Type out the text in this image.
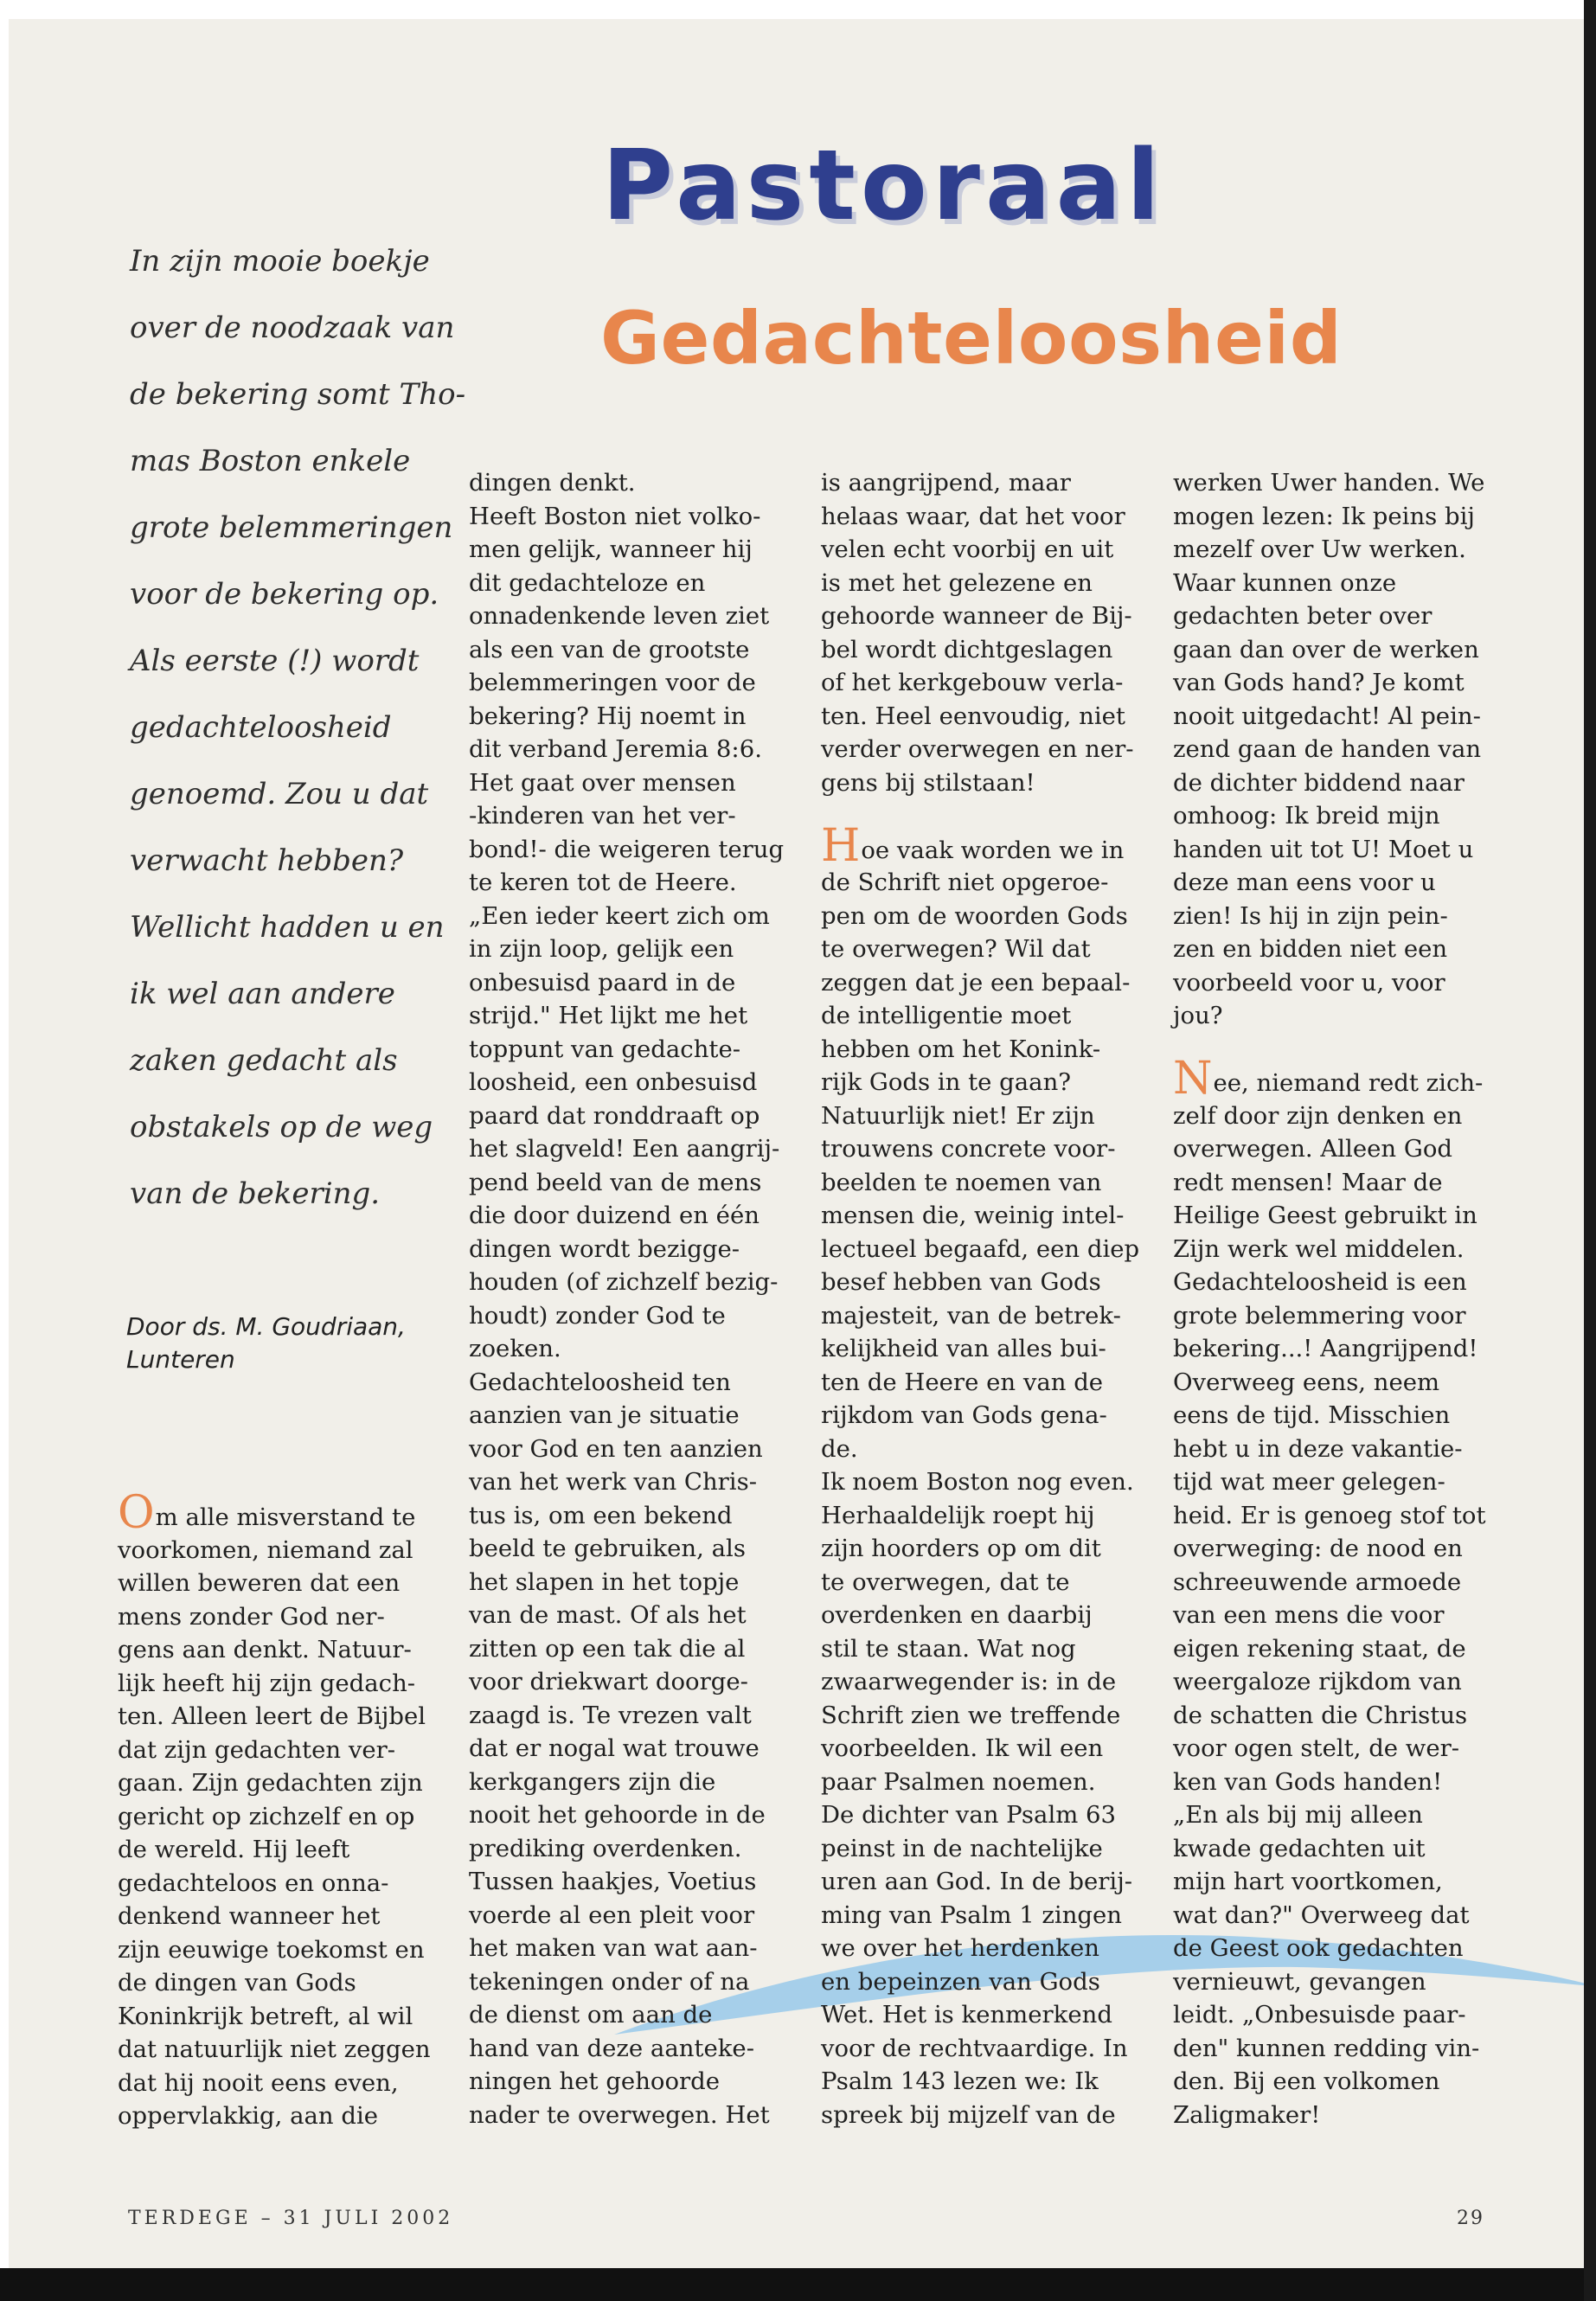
Pastoraal
Gedachteloosheid
In zijn mooie boekje
over de noodzaak van
de bekering somt Tho-
mas Boston enkele
grote belemmeringen
voor de bekering op.
Als eerste (!) wordt
gedachteloosheid
genoemd. Zou u dat
verwacht hebben?
Wellicht hadden u en
ik wel aan andere
zaken gedacht als
obstakels op de weg
van de bekering.
Door ds. M. Goudriaan,
Lunteren
Om alle misverstand te
voorkomen, niemand zal
willen beweren dat een
mens zonder God ner-
gens aan denkt. Natuur-
lijk heeft hij zijn gedach-
ten. Alleen leert de Bijbel
dat zijn gedachten ver-
gaan. Zijn gedachten zijn
gericht op zichzelf en op
de wereld. Hij leeft
gedachteloos en onna-
denkend wanneer het
zijn eeuwige toekomst en
de dingen van Gods
Koninkrijk betreft, al wil
dat natuurlijk niet zeggen
dat hij nooit eens even,
oppervlakkig, aan die
dingen denkt.
Heeft Boston niet volko-
men gelijk, wanneer hij
dit gedachteloze en
onnadenkende leven ziet
als een van de grootste
belemmeringen voor de
bekering? Hij noemt in
dit verband Jeremia 8:6.
Het gaat over mensen
-kinderen van het ver-
bond!- die weigeren terug
te keren tot de Heere.
„Een ieder keert zich om
in zijn loop, gelijk een
onbesuisd paard in de
strijd." Het lijkt me het
toppunt van gedachte-
loosheid, een onbesuisd
paard dat ronddraaft op
het slagveld! Een aangrij-
pend beeld van de mens
die door duizend en één
dingen wordt bezigge-
houden (of zichzelf bezig-
houdt) zonder God te
zoeken.
Gedachteloosheid ten
aanzien van je situatie
voor God en ten aanzien
van het werk van Chris-
tus is, om een bekend
beeld te gebruiken, als
het slapen in het topje
van de mast. Of als het
zitten op een tak die al
voor driekwart doorge-
zaagd is. Te vrezen valt
dat er nogal wat trouwe
kerkgangers zijn die
nooit het gehoorde in de
prediking overdenken.
Tussen haakjes, Voetius
voerde al een pleit voor
het maken van wat aan-
tekeningen onder of na
de dienst om aan de
hand van deze aanteke-
ningen het gehoorde
nader te overwegen. Het
is aangrijpend, maar
helaas waar, dat het voor
velen echt voorbij en uit
is met het gelezene en
gehoorde wanneer de Bij-
bel wordt dichtgeslagen
of het kerkgebouw verla-
ten. Heel eenvoudig, niet
verder overwegen en ner-
gens bij stilstaan!
Hoe vaak worden we in
de Schrift niet opgeroe-
pen om de woorden Gods
te overwegen? Wil dat
zeggen dat je een bepaal-
de intelligentie moet
hebben om het Konink-
rijk Gods in te gaan?
Natuurlijk niet! Er zijn
trouwens concrete voor-
beelden te noemen van
mensen die, weinig intel-
lectueel begaafd, een diep
besef hebben van Gods
majesteit, van de betrek-
kelijkheid van alles bui-
ten de Heere en van de
rijkdom van Gods gena-
de.
Ik noem Boston nog even.
Herhaaldelijk roept hij
zijn hoorders op om dit
te overwegen, dat te
overdenken en daarbij
stil te staan. Wat nog
zwaarwegender is: in de
Schrift zien we treffende
voorbeelden. Ik wil een
paar Psalmen noemen.
De dichter van Psalm 63
peinst in de nachtelijke
uren aan God. In de berij-
ming van Psalm 1 zingen
we over het herdenken
en bepeinzen van Gods
Wet. Het is kenmerkend
voor de rechtvaardige. In
Psalm 143 lezen we: Ik
spreek bij mijzelf van de
werken Uwer handen. We
mogen lezen: Ik peins bij
mezelf over Uw werken.
Waar kunnen onze
gedachten beter over
gaan dan over de werken
van Gods hand? Je komt
nooit uitgedacht! Al pein-
zend gaan de handen van
de dichter biddend naar
omhoog: Ik breid mijn
handen uit tot U! Moet u
deze man eens voor u
zien! Is hij in zijn pein-
zen en bidden niet een
voorbeeld voor u, voor
jou?
Nee, niemand redt zich-
zelf door zijn denken en
overwegen. Alleen God
redt mensen! Maar de
Heilige Geest gebruikt in
Zijn werk wel middelen.
Gedachteloosheid is een
grote belemmering voor
bekering...! Aangrijpend!
Overweeg eens, neem
eens de tijd. Misschien
hebt u in deze vakantie-
tijd wat meer gelegen-
heid. Er is genoeg stof tot
overweging: de nood en
schreeuwende armoede
van een mens die voor
eigen rekening staat, de
weergaloze rijkdom van
de schatten die Christus
voor ogen stelt, de wer-
ken van Gods handen!
„En als bij mij alleen
kwade gedachten uit
mijn hart voortkomen,
wat dan?" Overweeg dat
de Geest ook gedachten
vernieuwt, gevangen
leidt. „Onbesuisde paar-
den" kunnen redding vin-
den. Bij een volkomen
Zaligmaker!
TERDEGE – 31 JULI 2002	29
